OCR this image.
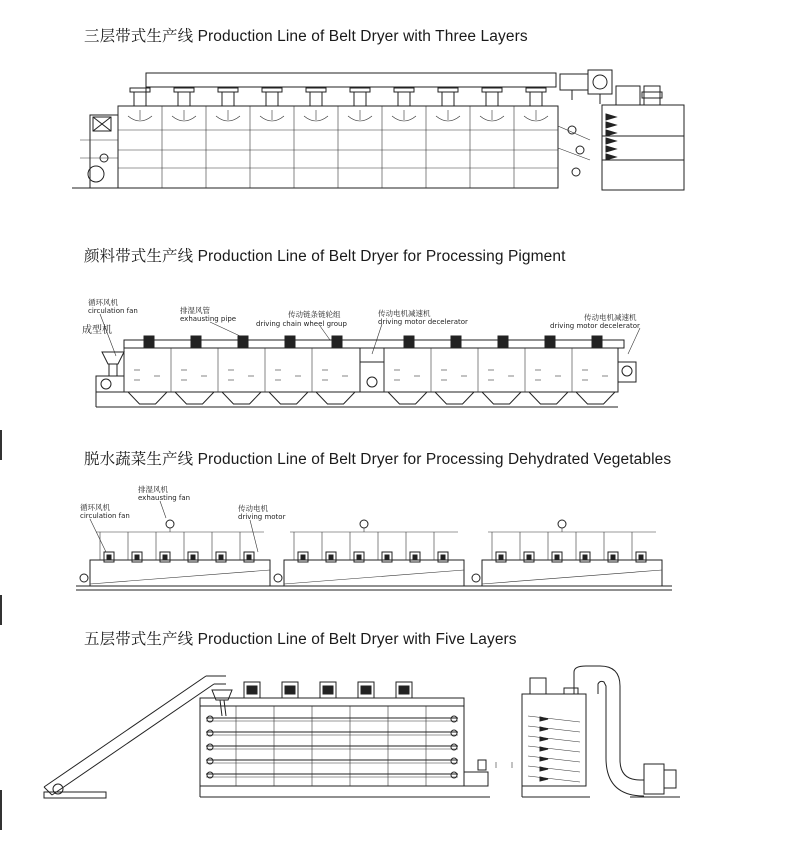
三层带式生产线 Production Line of Belt Dryer with Three Layers
颜料带式生产线 Production Line of Belt Dryer for Processing Pigment
循环风机
circulation fan
成型机
排湿风管
exhausting pipe	传动链条链轮组
driving chain wheel group
传动电机减速机
driving motor decelerator	传动电机减速机
driving motor decelerator
脱水蔬菜生产线 Production Line of Belt Dryer for Processing Dehydrated Vegetables
排湿风机
exhausting fan
循环风机
circulation fan
传动电机
driving motor
五层带式生产线 Production Line of Belt Dryer with Five Layers
